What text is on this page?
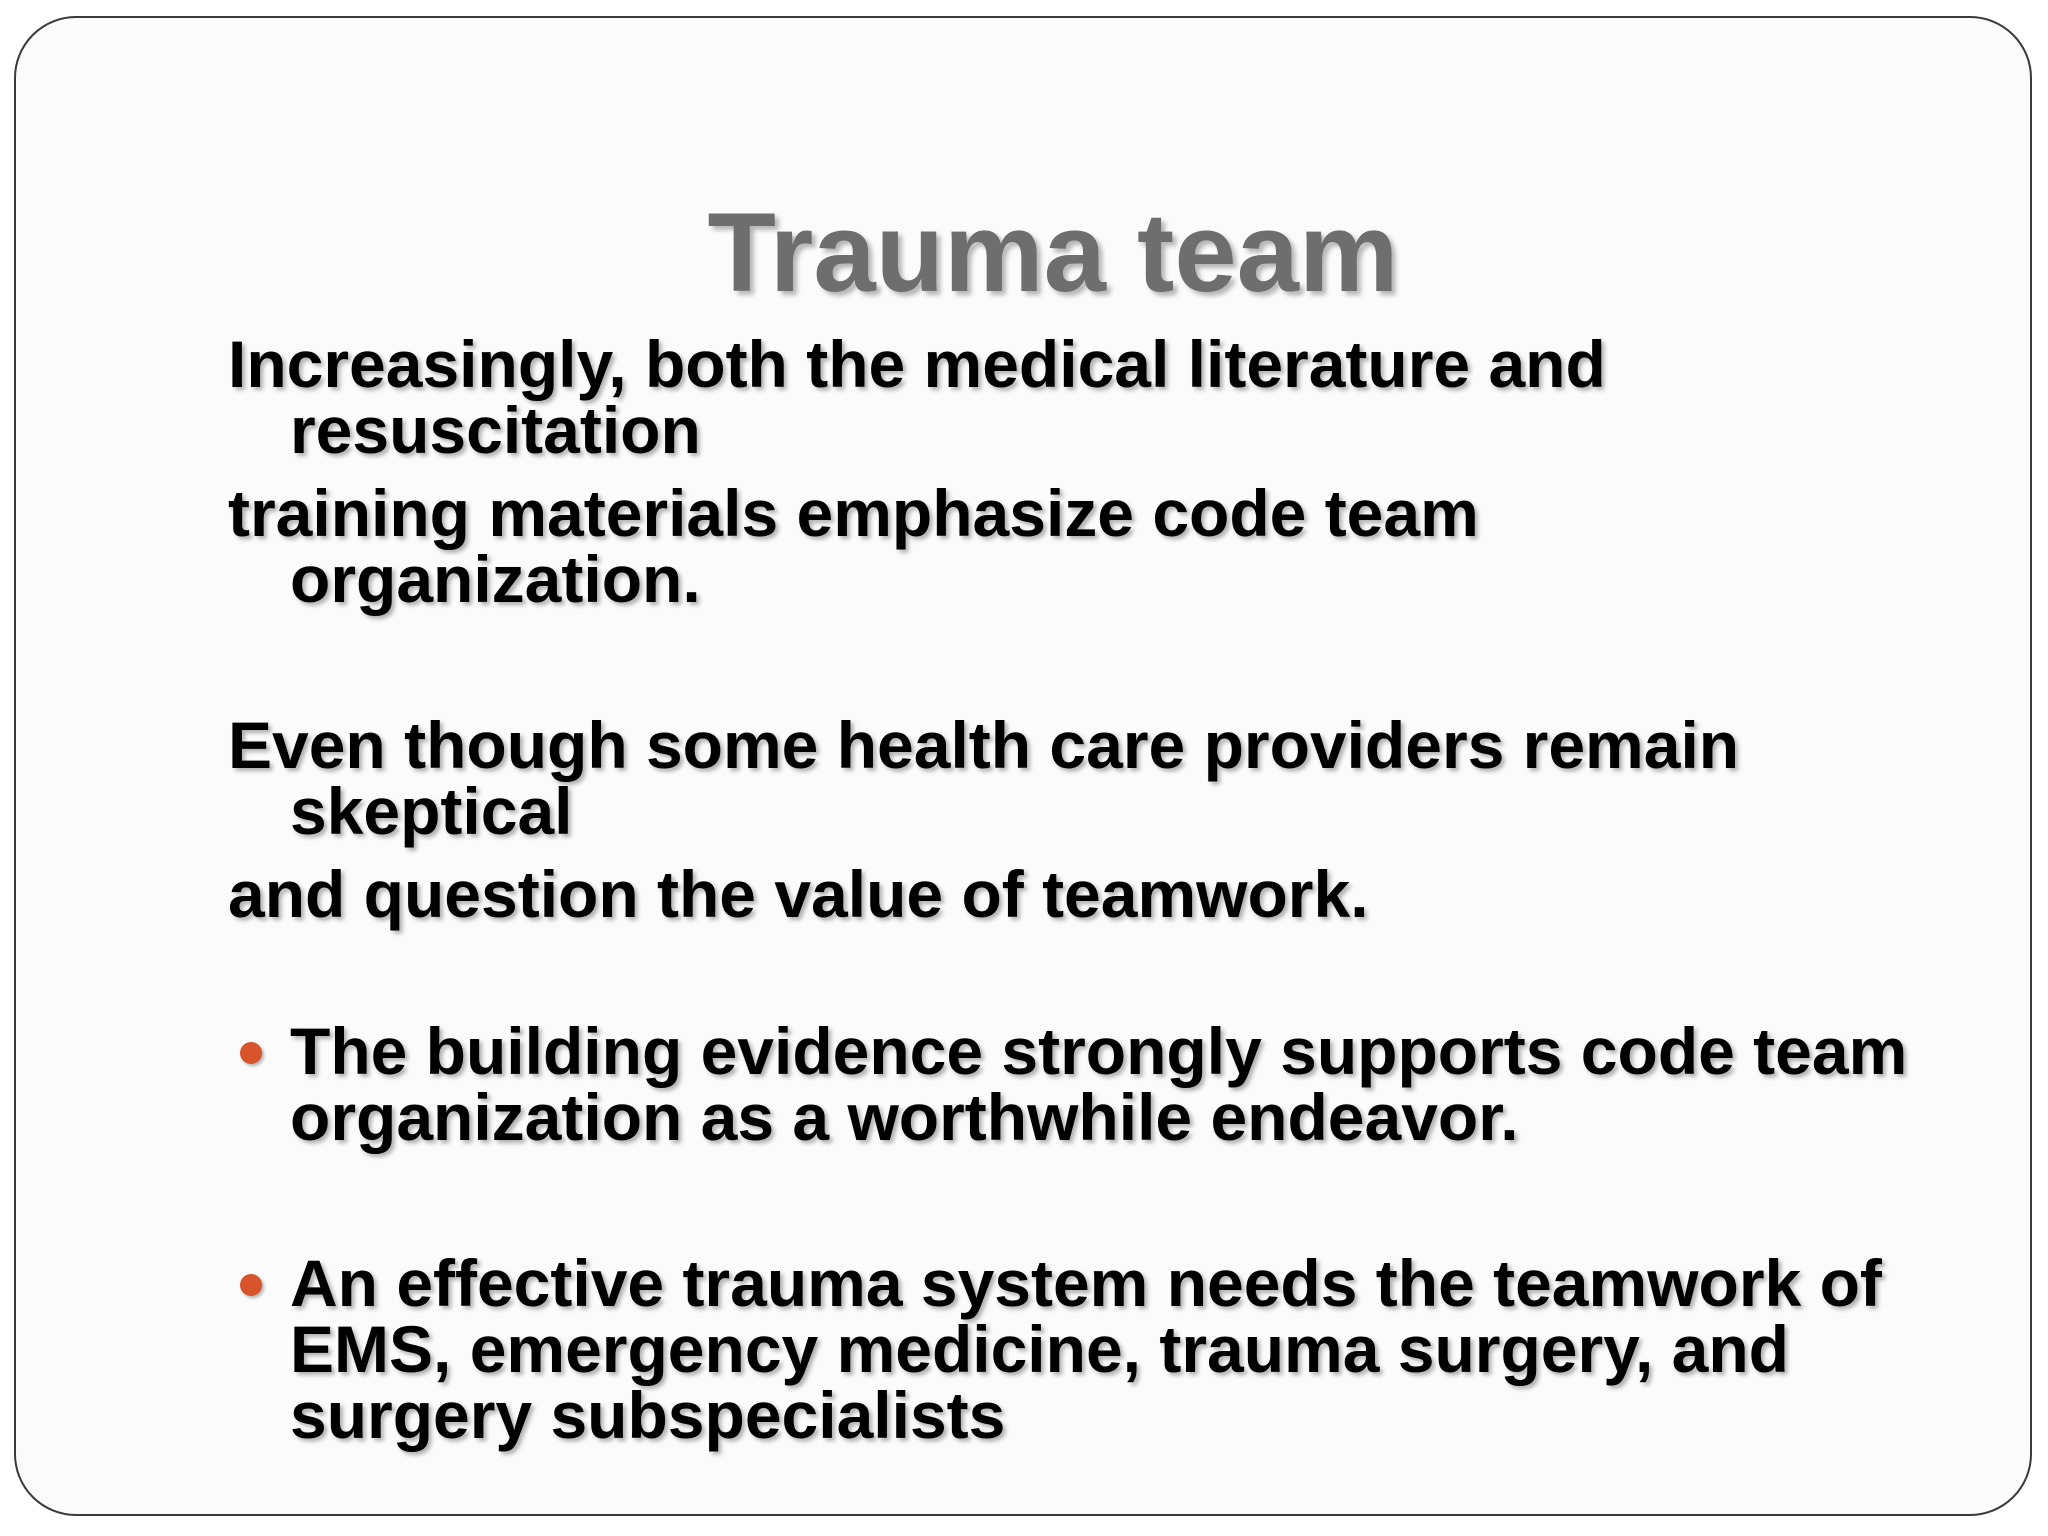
Trauma team
Increasingly, both the medical literature and
resuscitation
training materials emphasize code team
organization.
Even though some health care providers remain
skeptical
and question the value of teamwork.
The building evidence strongly supports code team    organization as a worthwhile endeavor.
An effective trauma system needs the teamwork of EMS, emergency medicine, trauma surgery, and surgery subspecialists
